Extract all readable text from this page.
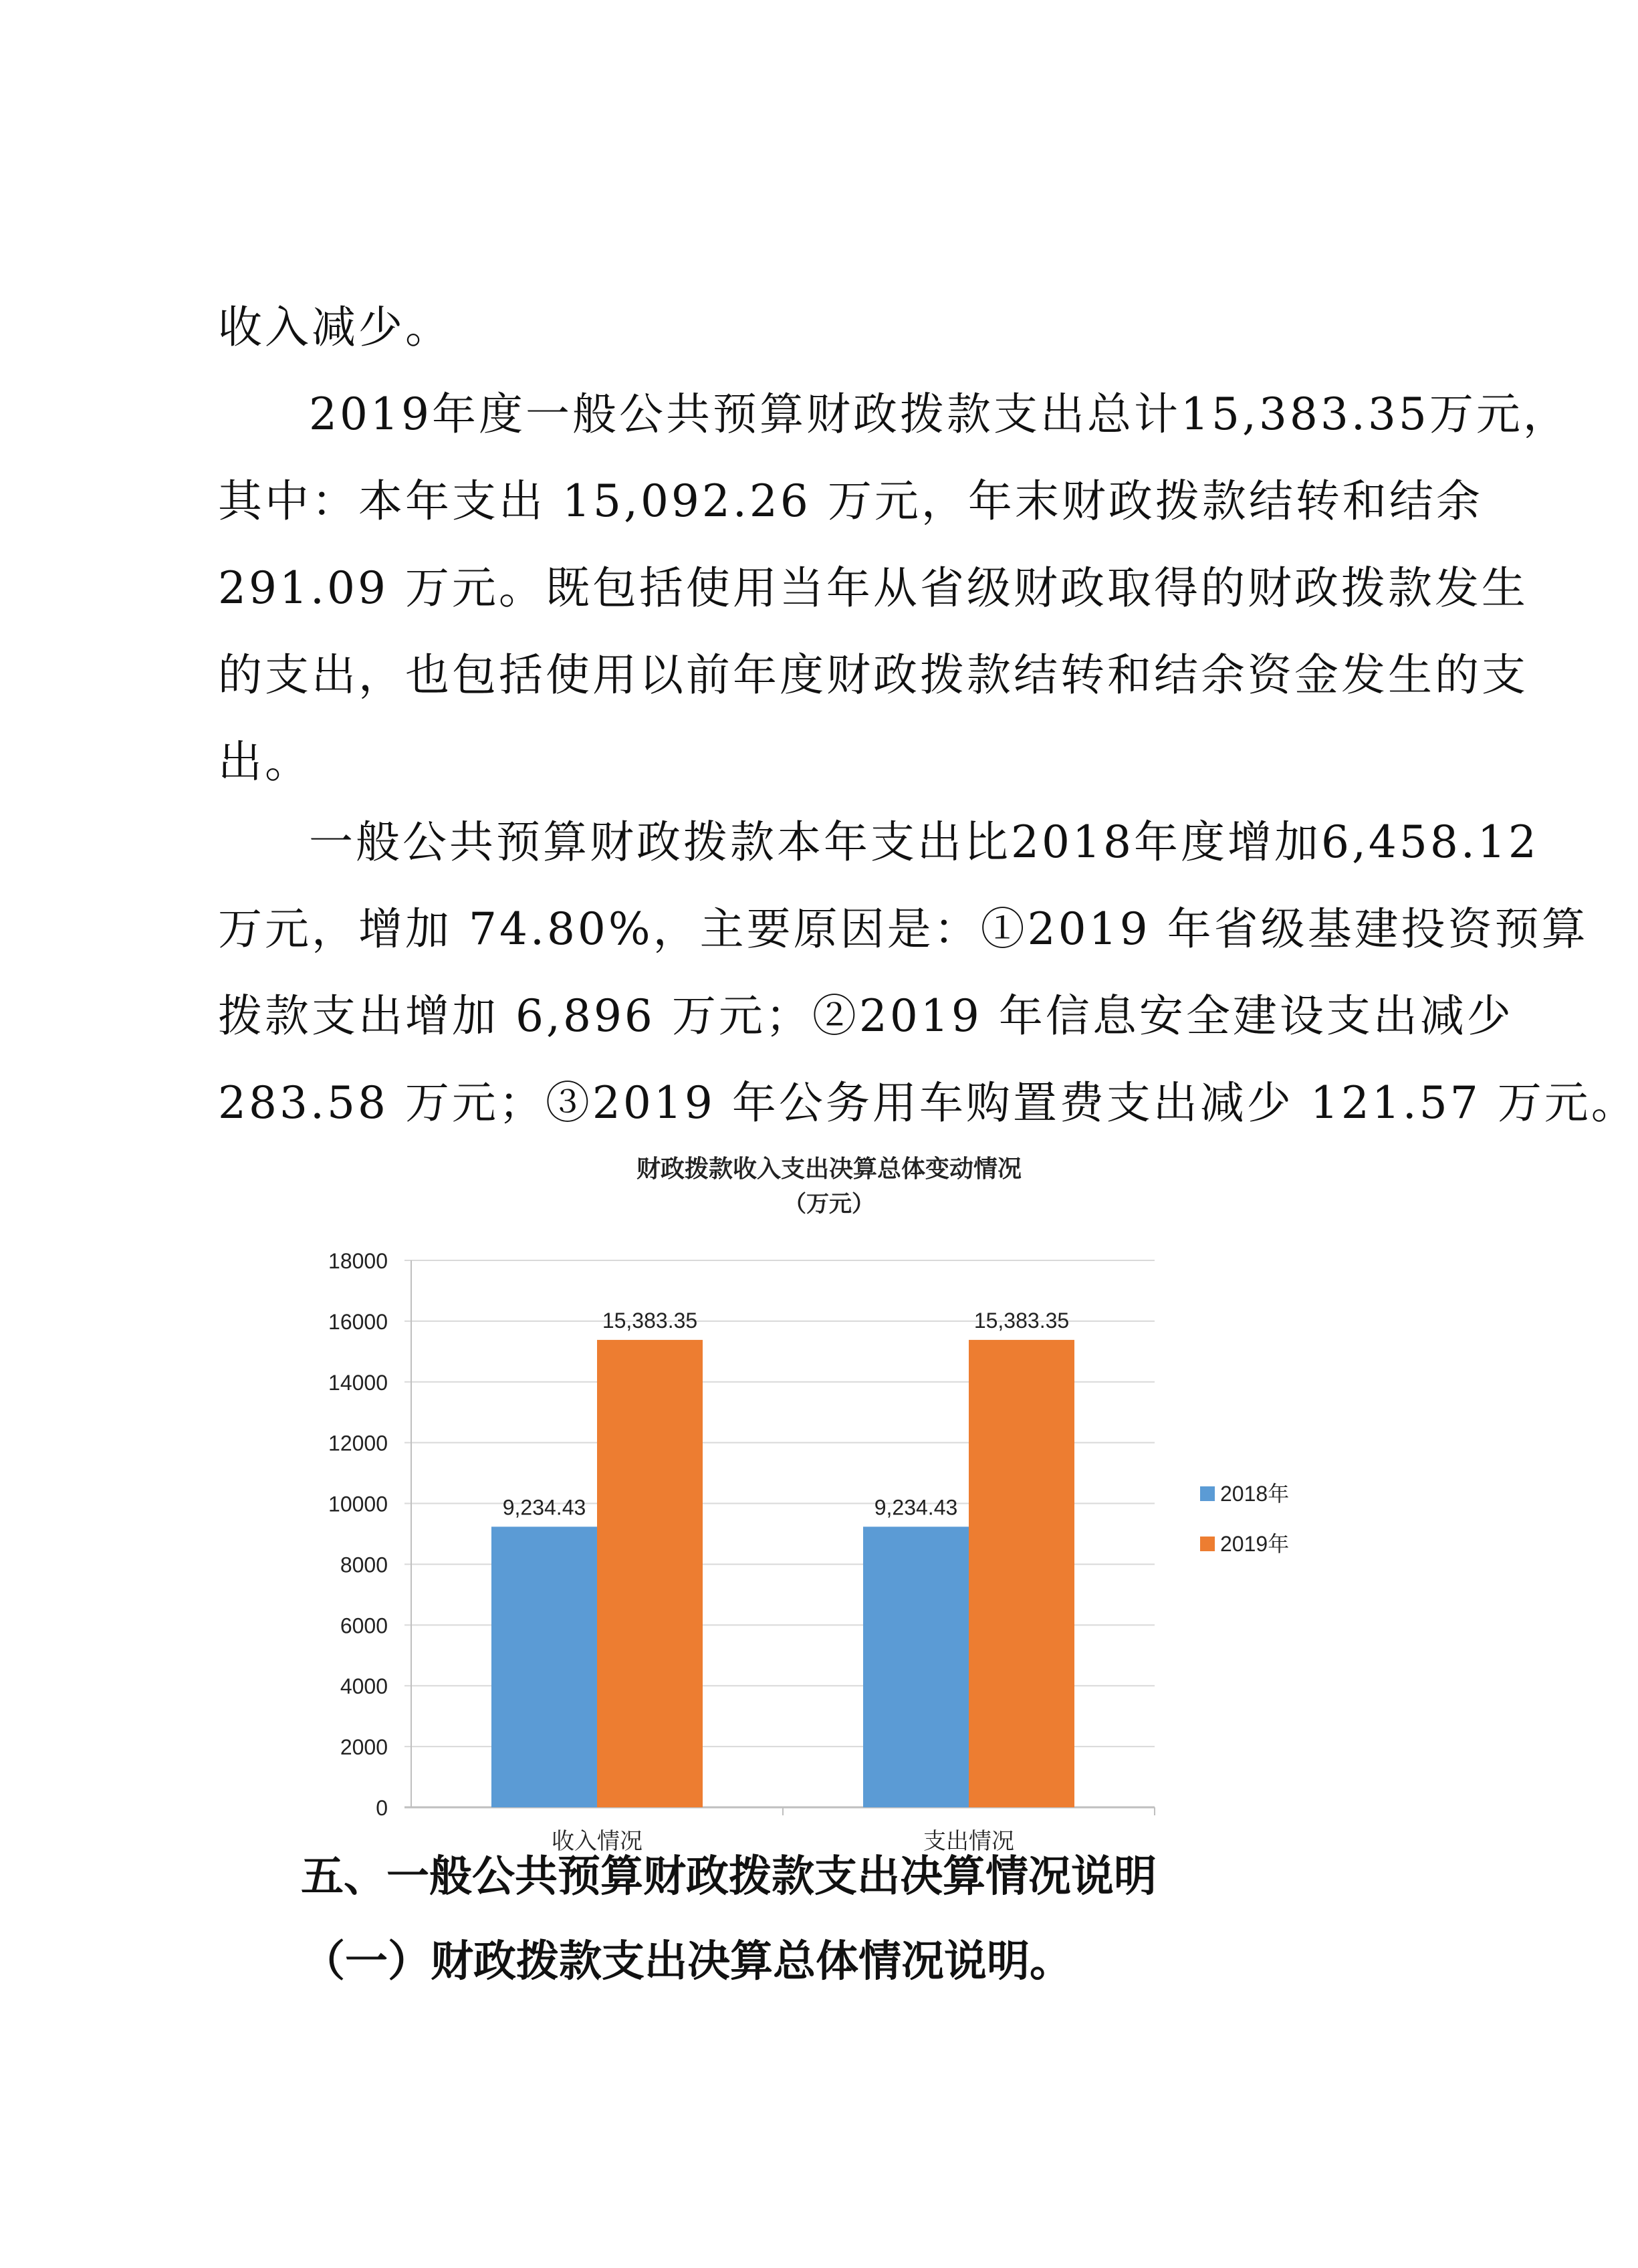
收入减少。
2019年度一般公共预算财政拨款支出总计15,383.35万元，
其中：本年支出 15,092.26 万元，年末财政拨款结转和结余
291.09 万元。既包括使用当年从省级财政取得的财政拨款发生
的支出，也包括使用以前年度财政拨款结转和结余资金发生的支
出。
一般公共预算财政拨款本年支出比2018年度增加6,458.12
万元，增加 74.80%，主要原因是：①2019 年省级基建投资预算
拨款支出增加 6,896 万元；②2019 年信息安全建设支出减少
283.58 万元；③2019 年公务用车购置费支出减少 121.57 万元。
财政拨款收入支出决算总体变动情况
（万元）
0
2000
4000
6000
8000
10000
12000
14000
16000
18000
9,234.43
15,383.35
9,234.43
15,383.35
收入情况	支出情况
2018年
2019年
五、一般公共预算财政拨款支出决算情况说明
（一）财政拨款支出决算总体情况说明。
